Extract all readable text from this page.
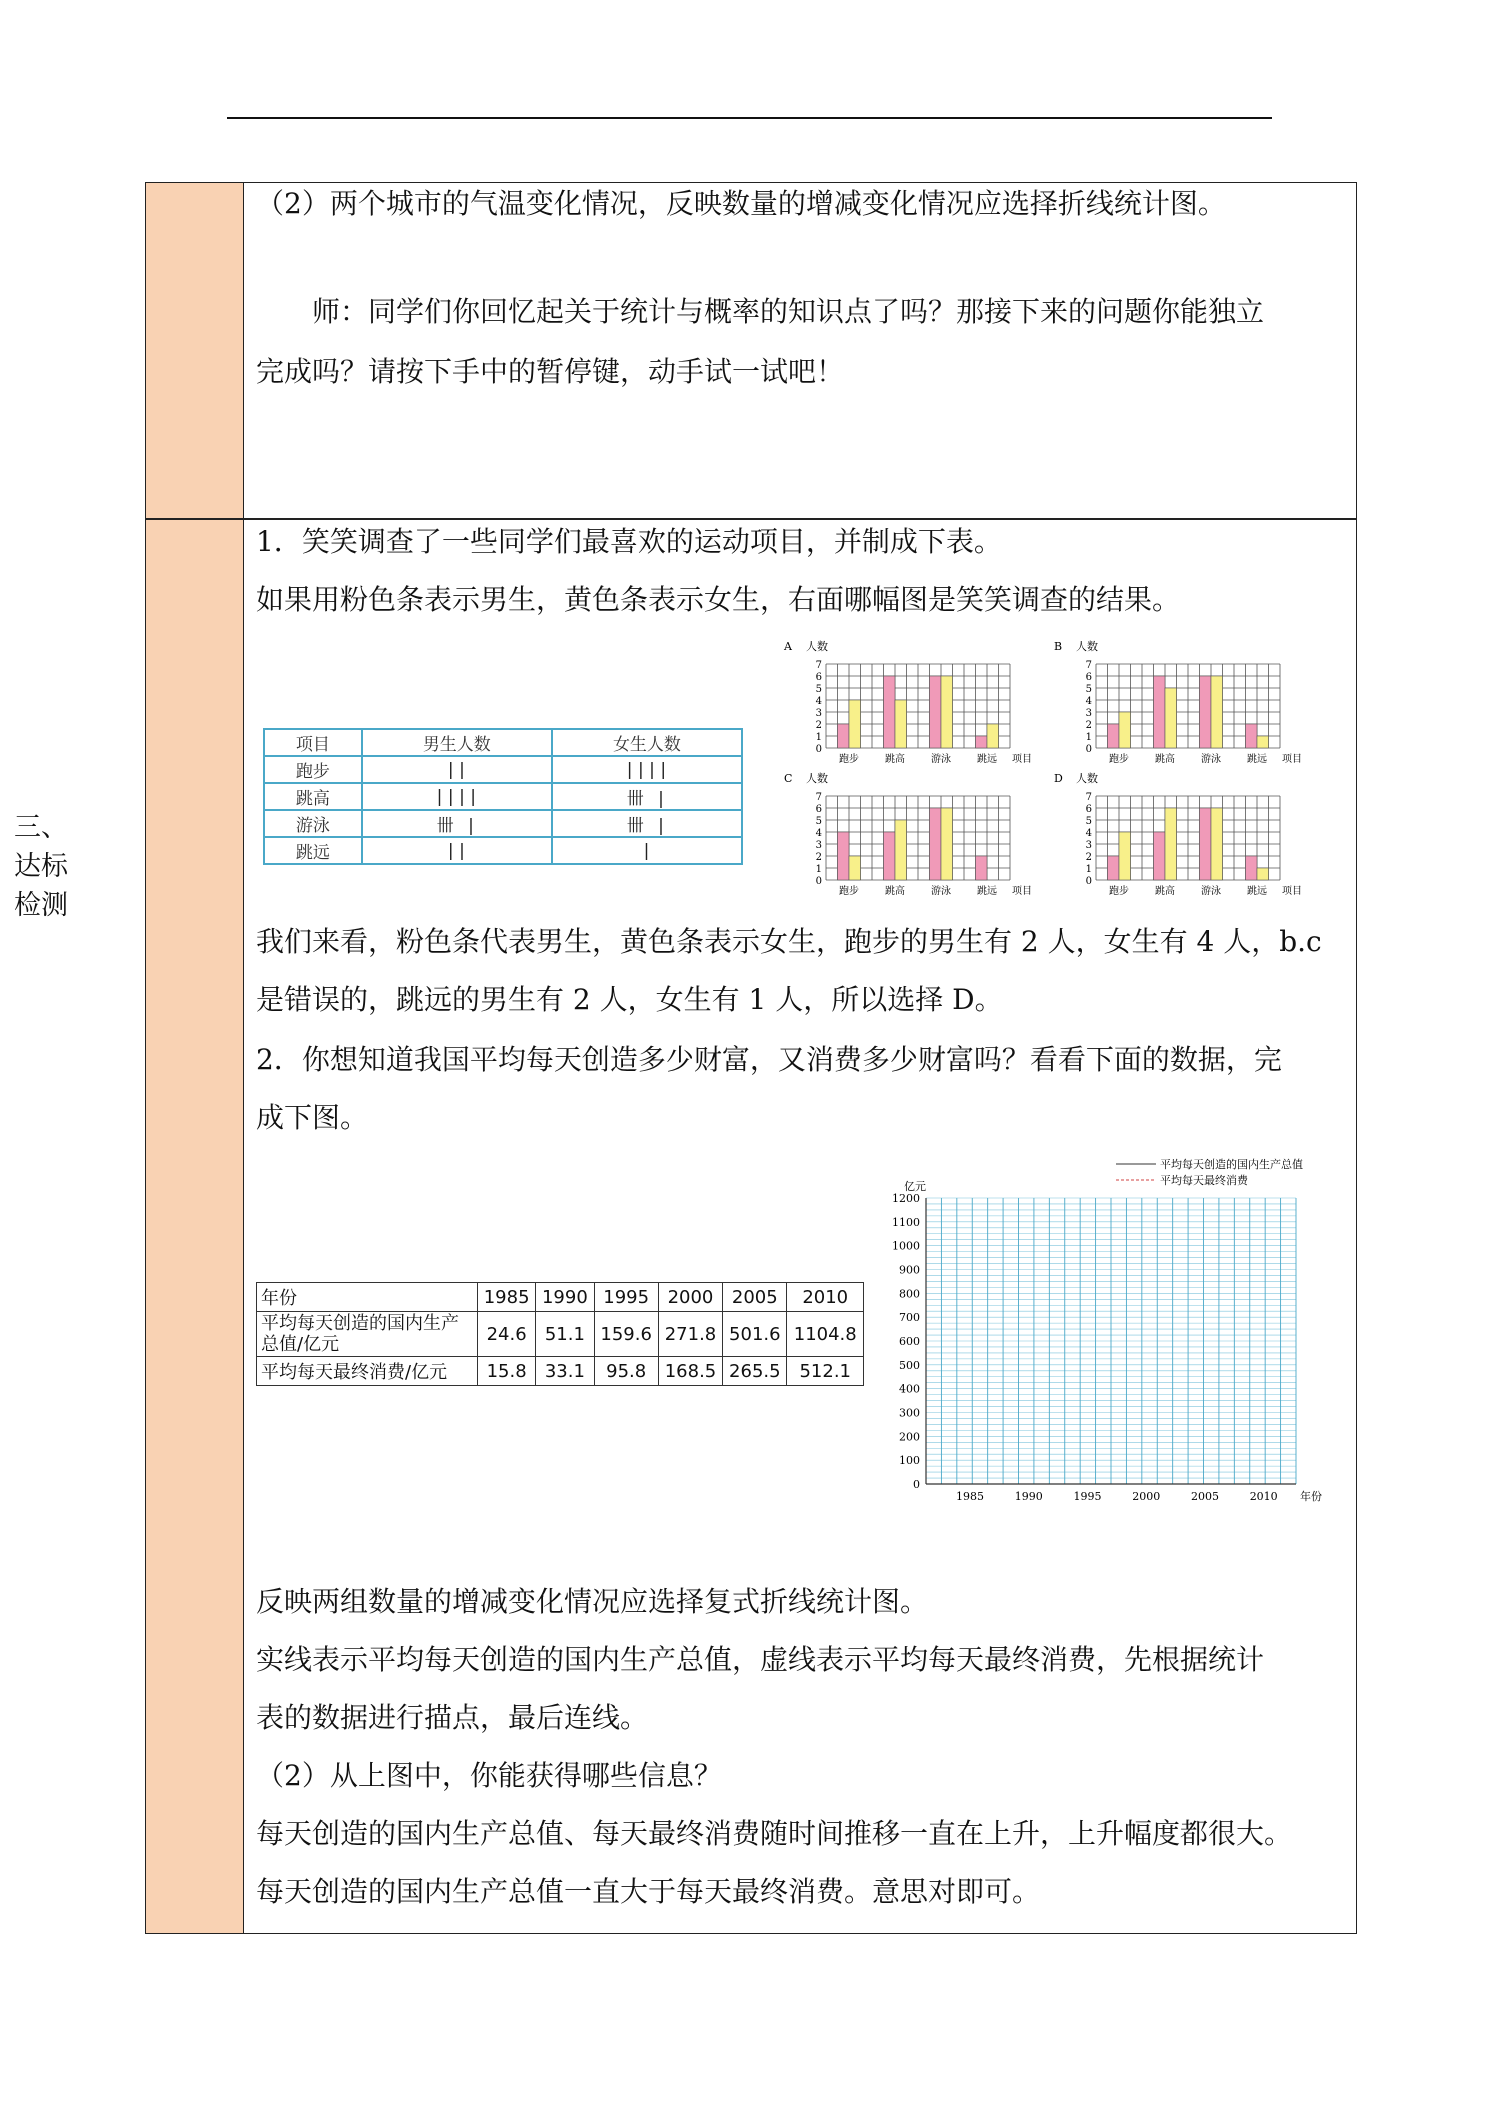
三、
达标
检测
（2）两个城市的气温变化情况，反映数量的增减变化情况应选择折线统计图。
师：同学们你回忆起关于统计与概率的知识点了吗？那接下来的问题你能独立
完成吗？请按下手中的暂停键，动手试一试吧！
1．笑笑调查了一些同学们最喜欢的运动项目，并制成下表。
如果用粉色条表示男生，黄色条表示女生，右面哪幅图是笑笑调查的结果。
项目	男生人数	女生人数
跑步	||	||||
跳高	||||	卌 |
游泳	卌 |	卌 |
跳远	||	|
A 人数
0
1
2
3
4
5
6
7
跑步	跳高	游泳	跳远 项目
B 人数
0
1
2
3
4
5
6
7
跑步	跳高	游泳	跳远 项目
C 人数
0
1
2
3
4
5
6
7
跑步	跳高	游泳	跳远 项目
D 人数
0
1
2
3
4
5
6
7
跑步	跳高	游泳	跳远 项目
我们来看，粉色条代表男生，黄色条表示女生，跑步的男生有 2 人，女生有 4 人，b.c
是错误的，跳远的男生有 2 人，女生有 1 人，所以选择 D。
2．你想知道我国平均每天创造多少财富，又消费多少财富吗？看看下面的数据，完
成下图。
年份	1985	1990	1995	2000	2005	2010
平均每天创造的国内生产总值/亿元	24.6	51.1	159.6	271.8	501.6	1104.8
平均每天最终消费/亿元	15.8	33.1	95.8	168.5	265.5	512.1
0
100
200
300
400
500
600
700
800
900
1000
1100
1200
1985	1990	1995	2000	2005	2010 年份
亿元
平均每天创造的国内生产总值
平均每天最终消费
反映两组数量的增减变化情况应选择复式折线统计图。
实线表示平均每天创造的国内生产总值，虚线表示平均每天最终消费，先根据统计
表的数据进行描点，最后连线。
（2）从上图中，你能获得哪些信息？
每天创造的国内生产总值、每天最终消费随时间推移一直在上升，上升幅度都很大。
每天创造的国内生产总值一直大于每天最终消费。意思对即可。
